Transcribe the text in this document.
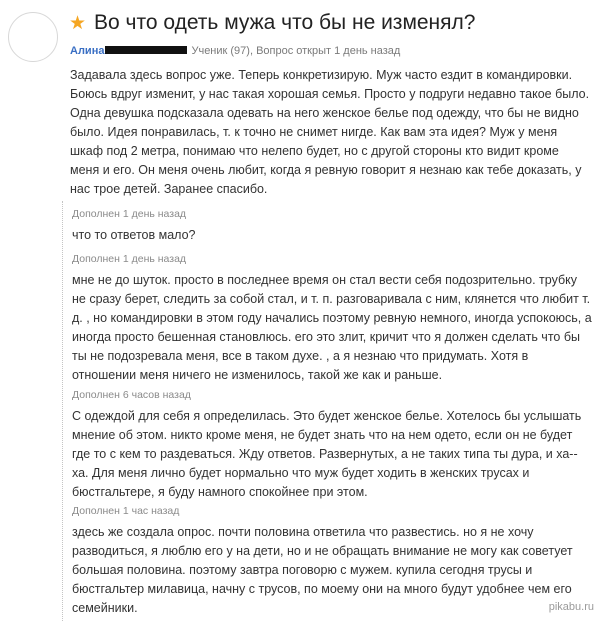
★ Во что одеть мужа что бы не изменял?
Алина	Ученик (97), Вопрос открыт 1 день назад
Задавала здесь вопрос уже. Теперь конкретизирую. Муж часто ездит в командировки. Боюсь вдруг изменит, у нас такая хорошая семья. Просто у подруги недавно такое было. Одна девушка подсказала одевать на него женское белье под одежду, что бы не видно было. Идея понравилась, т. к точно не снимет нигде. Как вам эта идея? Муж у меня шкаф под 2 метра, понимаю что нелепо будет, но с другой стороны кто видит кроме меня и его. Он меня очень любит, когда я ревную говорит я незнаю как тебе доказать, у нас трое детей. Заранее спасибо.
Дополнен 1 день назад
что то ответов мало?
Дополнен 1 день назад
мне не до шуток. просто в последнее время он стал вести себя подозрительно. трубку не сразу берет, следить за собой стал, и т. п. разговаривала с ним, клянется что любит т. д. , но командировки в этом году начались поэтому ревную немного, иногда успокоюсь, а иногда просто бешенная становлюсь. его это злит, кричит что я должен сделать что бы ты не подозревала меня, все в таком духе. , а я незнаю что придумать. Хотя в отношении меня ничего не изменилось, такой же как и раньше.
Дополнен 6 часов назад
С одеждой для себя я определилась. Это будет женское белье. Хотелось бы услышать мнение об этом. никто кроме меня, не будет знать что на нем одето, если он не будет где то с кем то раздеваться. Жду ответов. Развернутых, а не таких типа ты дура, и ха--ха. Для меня лично будет нормально что муж будет ходить в женских трусах и бюстгальтере, я буду намного спокойнее при этом.
Дополнен 1 час назад
здесь же создала опрос. почти половина ответила что развестись. но я не хочу разводиться, я люблю его у на дети, но и не обращать внимание не могу как советует большая половина. поэтому завтра поговорю с мужем. купила сегодня трусы и бюстгальтер милавица, начну с трусов, по моему они на много будут удобнее чем его семейники.	pikabu.ru
